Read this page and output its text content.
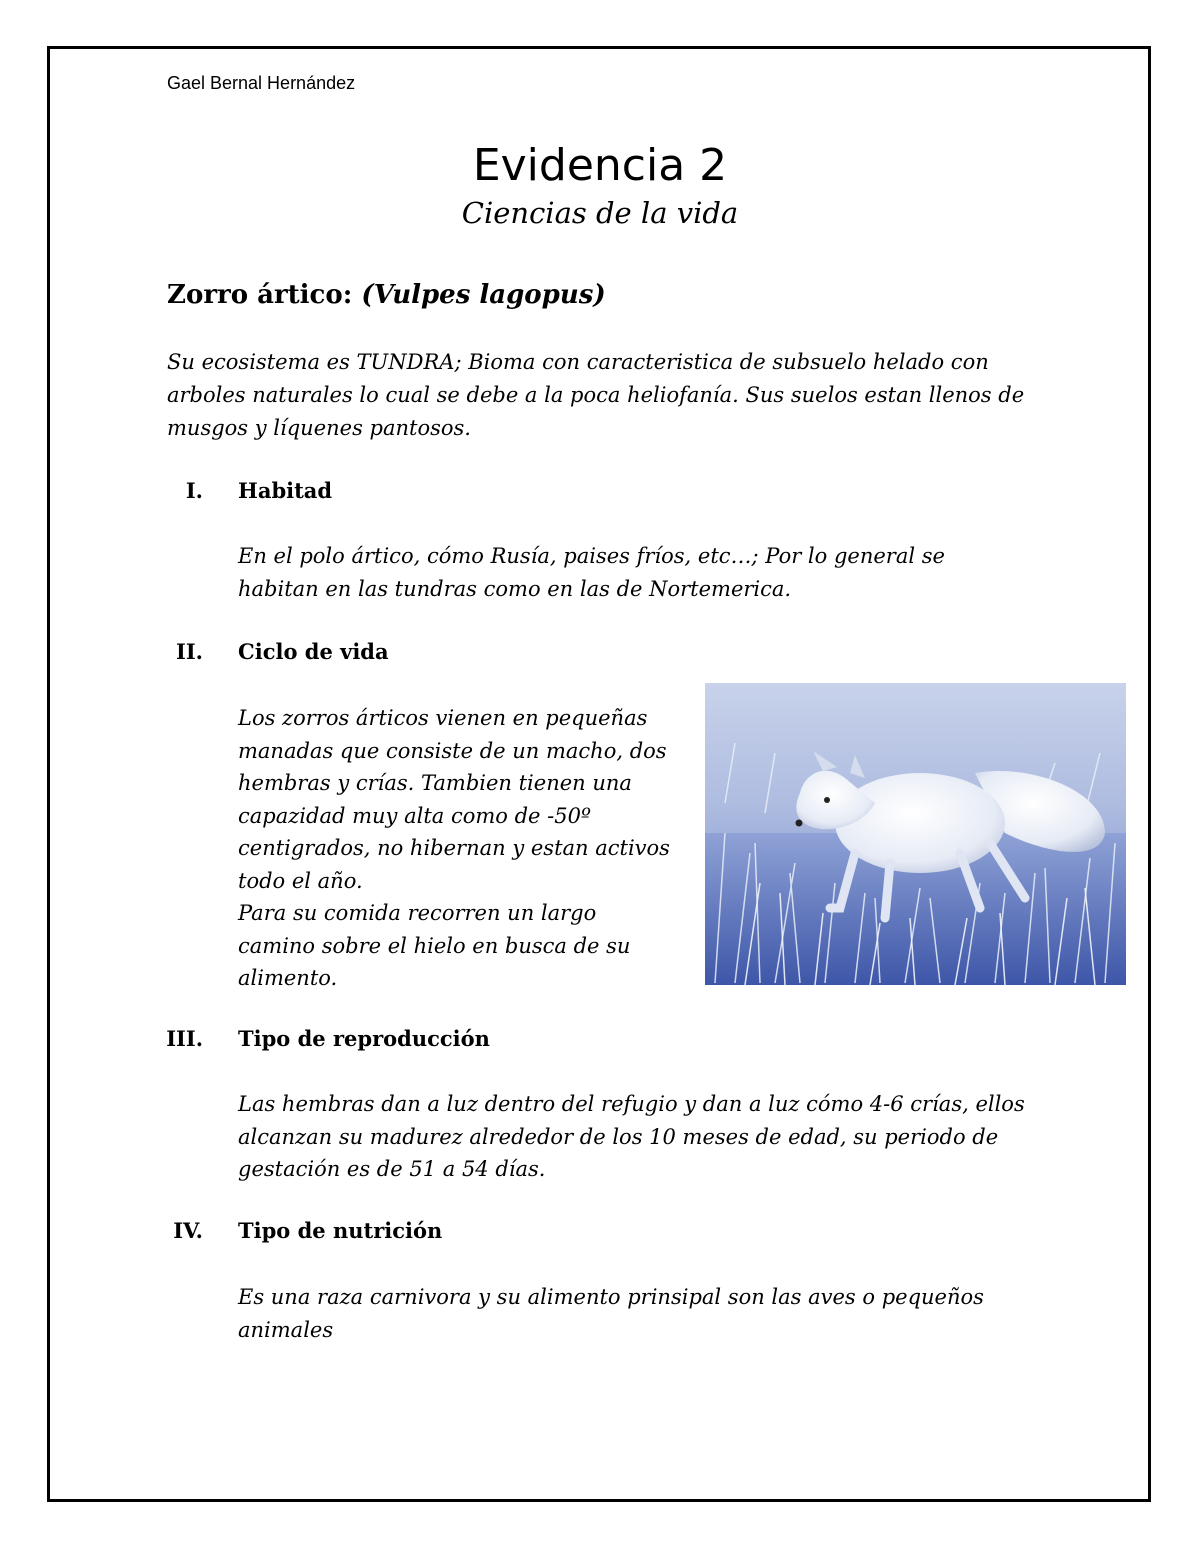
Gael Bernal Hernández
Evidencia 2
Ciencias de la vida
Zorro ártico: (Vulpes lagopus)
Su ecosistema es TUNDRA; Bioma con caracteristica de subsuelo helado con arboles naturales lo cual se debe a la poca heliofanía. Sus suelos estan llenos de musgos y líquenes pantosos.
I. Habitad
En el polo ártico, cómo Rusía, paises fríos, etc…; Por lo general se habitan en las tundras como en las de Nortemerica.
II. Ciclo de vida
Los zorros árticos vienen en pequeñas manadas que consiste de un macho, dos hembras y crías. Tambien tienen una capazidad muy alta como de -50º centigrados, no hibernan y estan activos todo el año.
Para su comida recorren un largo camino sobre el hielo en busca de su alimento.
III. Tipo de reproducción
Las hembras dan a luz dentro del refugio y dan a luz cómo 4-6 crías, ellos alcanzan su madurez alrededor de los 10 meses de edad, su periodo de gestación es de 51 a 54 días.
IV. Tipo de nutrición
Es una raza carnivora y su alimento prinsipal son las aves o pequeños animales
